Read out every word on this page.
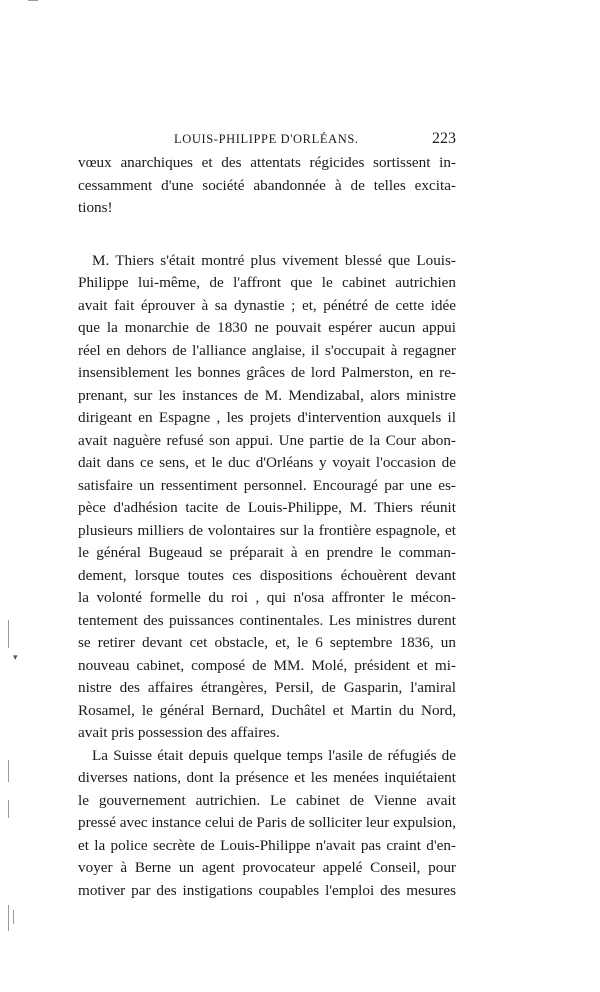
LOUIS-PHILIPPE D'ORLÉANS.	223
vœux anarchiques et des attentats régicides sortissent in-
cessamment d'une société abandonnée à de telles excita-
tions!
M. Thiers s'était montré plus vivement blessé que Louis-
Philippe lui-même, de l'affront que le cabinet autrichien
avait fait éprouver à sa dynastie ; et, pénétré de cette idée
que la monarchie de 1830 ne pouvait espérer aucun appui
réel en dehors de l'alliance anglaise, il s'occupait à regagner
insensiblement les bonnes grâces de lord Palmerston, en re-
prenant, sur les instances de M. Mendizabal, alors ministre
dirigeant en Espagne , les projets d'intervention auxquels il
avait naguère refusé son appui. Une partie de la Cour abon-
dait dans ce sens, et le duc d'Orléans y voyait l'occasion de
satisfaire un ressentiment personnel. Encouragé par une es-
pèce d'adhésion tacite de Louis-Philippe, M. Thiers réunit
plusieurs milliers de volontaires sur la frontière espagnole, et
le général Bugeaud se préparait à en prendre le comman-
dement, lorsque toutes ces dispositions échouèrent devant
la volonté formelle du roi , qui n'osa affronter le mécon-
tentement des puissances continentales. Les ministres durent
se retirer devant cet obstacle, et, le 6 septembre 1836, un
nouveau cabinet, composé de MM. Molé, président et mi-
nistre des affaires étrangères, Persil, de Gasparin, l'amiral
Rosamel, le général Bernard, Duchâtel et Martin du Nord,
avait pris possession des affaires.
La Suisse était depuis quelque temps l'asile de réfugiés de
diverses nations, dont la présence et les menées inquiétaient
le gouvernement autrichien. Le cabinet de Vienne avait
pressé avec instance celui de Paris de solliciter leur expulsion,
et la police secrète de Louis-Philippe n'avait pas craint d'en-
voyer à Berne un agent provocateur appelé Conseil, pour
motiver par des instigations coupables l'emploi des mesures
▾
